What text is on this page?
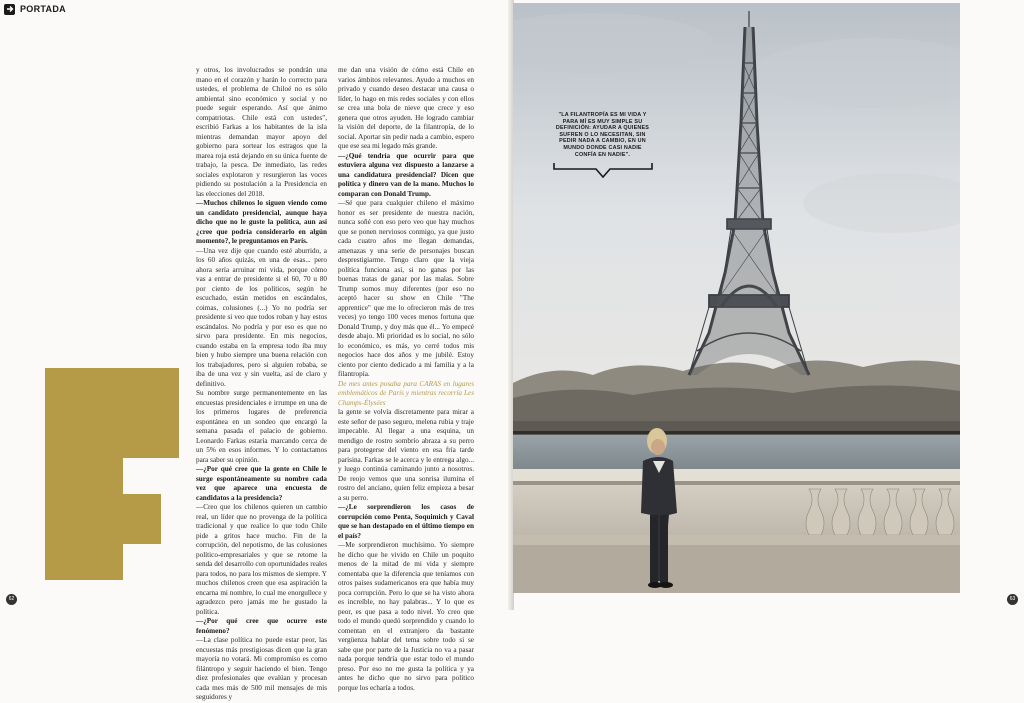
PORTADA

y otros, los involucrados se pondrán una mano en el corazón y harán lo correcto para ustedes, el problema de Chiloé no es sólo ambiental sino económico y social y no puede seguir esperando. Así que ánimo compatriotas. Chile está con ustedes", escribió Farkas a los habitantes de la isla mientras demandan mayor apoyo del gobierno para sortear los estragos que la marea roja está dejando en su única fuente de trabajo, la pesca. De inmediato, las redes sociales explotaron y resurgieron las voces pidiendo su postulación a la Presidencia en las elecciones del 2018.

—Muchos chilenos lo siguen viendo como un candidato presidencial, aunque haya dicho que no le guste la política, aun así ¿cree que podría considerarlo en algún momento?, le preguntamos en París.

—Una vez dije que cuando esté aburrido, a los 60 años quizás, en una de esas... pero ahora sería arruinar mi vida, porque cómo vas a entrar de presidente si el 60, 70 u 80 por ciento de los políticos, según he escuchado, están metidos en escándalos, coimas, colusiones (...) Yo no podría ser presidente si veo que todos roban y hay estos escándalos. No podría y por eso es que no sirvo para presidente. En mis negocios, cuando estaba en la empresa todo iba muy bien y hubo siempre una buena relación con los trabajadores, pero si alguien robaba, se iba de una vez y sin vuelta, así de claro y definitivo.

Su nombre surge permanentemente en las encuestas presidenciales e irrumpe en una de los primeros lugares de preferencia espontánea en un sondeo que encargó la semana pasada el palacio de gobierno. Leonardo Farkas estaría marcando cerca de un 5% en esos informes. Y lo contactamos para saber su opinión.

—¿Por qué cree que la gente en Chile le surge espontáneamente su nombre cada vez que aparece una encuesta de candidatos a la presidencia?

—Creo que los chilenos quieren un cambio real, un líder que no provenga de la política tradicional y que realice lo que todo Chile pide a gritos hace mucho. Fin de la corrupción, del nepotismo, de las colusiones político-empresariales y que se retome la senda del desarrollo con oportunidades reales para todos, no para los mismos de siempre. Y muchos chilenos creen que esa aspiración la encarna mi nombre, lo cual me enorgullece y agradezco pero jamás me he gustado la política.

—¿Por qué cree que ocurre este fenómeno?

—La clase política no puede estar peor, las encuestas más prestigiosas dicen que la gran mayoría no votará. Mi compromiso es como filántropo y seguir haciendo el bien. Tengo diez profesionales que evalúan y procesan cada mes más de 500 mil mensajes de mis seguidores y

me dan una visión de cómo está Chile en varios ámbitos relevantes. Ayudo a muchos en privado y cuando deseo destacar una causa o líder, lo hago en mis redes sociales y con ellos se crea una bola de nieve que crece y eso genera que otros ayuden. He logrado cambiar la visión del deporte, de la filantropía, de lo social. Aportar sin pedir nada a cambio, espero que ese sea mi legado más grande.

—¿Qué tendría que ocurrir para que estuviera alguna vez dispuesto a lanzarse a una candidatura presidencial? Dicen que política y dinero van de la mano. Muchos lo comparan con Donald Trump.

—Sé que para cualquier chileno el máximo honor es ser presidente de nuestra nación, nunca soñé con eso pero veo que hay muchos que se ponen nerviosos conmigo, ya que justo cada cuatro años me llegan demandas, amenazas y una serie de personajes buscan desprestigiarme. Tengo claro que la vieja política funciona así, si no ganas por las buenas tratas de ganar por las malas. Sobre Trump somos muy diferentes (por eso no aceptó hacer su show en Chile "The apprentice" que me lo ofrecieron más de tres veces) yo tengo 100 veces menos fortuna que Donald Trump, y doy más que él... Yo empecé desde abajo. Mi prioridad es lo social, no sólo lo económico, es más, yo cerré todos mis negocios hace dos años y me jubilé. Estoy ciento por ciento dedicado a mi familia y a la filantropía.

De mes antes posaba para CARAS en lugares emblemáticos de París y mientras recorría Les Champs-Élysées

la gente se volvía discretamente para mirar a este señor de paso seguro, melena rubia y traje impecable. Al llegar a una esquina, un mendigo de rostro sombrío abraza a su perro para protegerse del viento en esa fría tarde parisina. Farkas se le acerca y le entrega algo... y luego continúa caminando junto a nosotros. De reojo vemos que una sonrisa ilumina el rostro del anciano, quien feliz empieza a besar a su perro.

—¿Le sorprendieron los casos de corrupción como Penta, Soquimich y Caval que se han destapado en el último tiempo en el país?

—Me sorprendieron muchísimo. Yo siempre he dicho que he vivido en Chile un poquito menos de la mitad de mi vida y siempre comentaba que la diferencia que teníamos con otros países sudamericanos era que había muy poca corrupción. Pero lo que se ha visto ahora es increíble, no hay palabras... Y lo que es peor, es que pasa a todo nivel. Yo creo que todo el mundo quedó sorprendido y cuando lo comentan en el extranjero da bastante vergüenza hablar del tema sobre todo si se sabe que por parte de la Justicia no va a pasar nada porque tendría que estar todo el mundo preso. Por eso no me gusta la política y ya antes he dicho que no sirvo para político porque los echaría a todos.

62
"LA FILANTROPÍA ES MI VIDA Y PARA MÍ ES MUY SIMPLE SU DEFINICIÓN: AYUDAR A QUIENES SUFREN O LO NECESITAN, SIN PEDIR NADA A CAMBIO, EN UN MUNDO DONDE CASI NADIE CONFÍA EN NADIE".
63
